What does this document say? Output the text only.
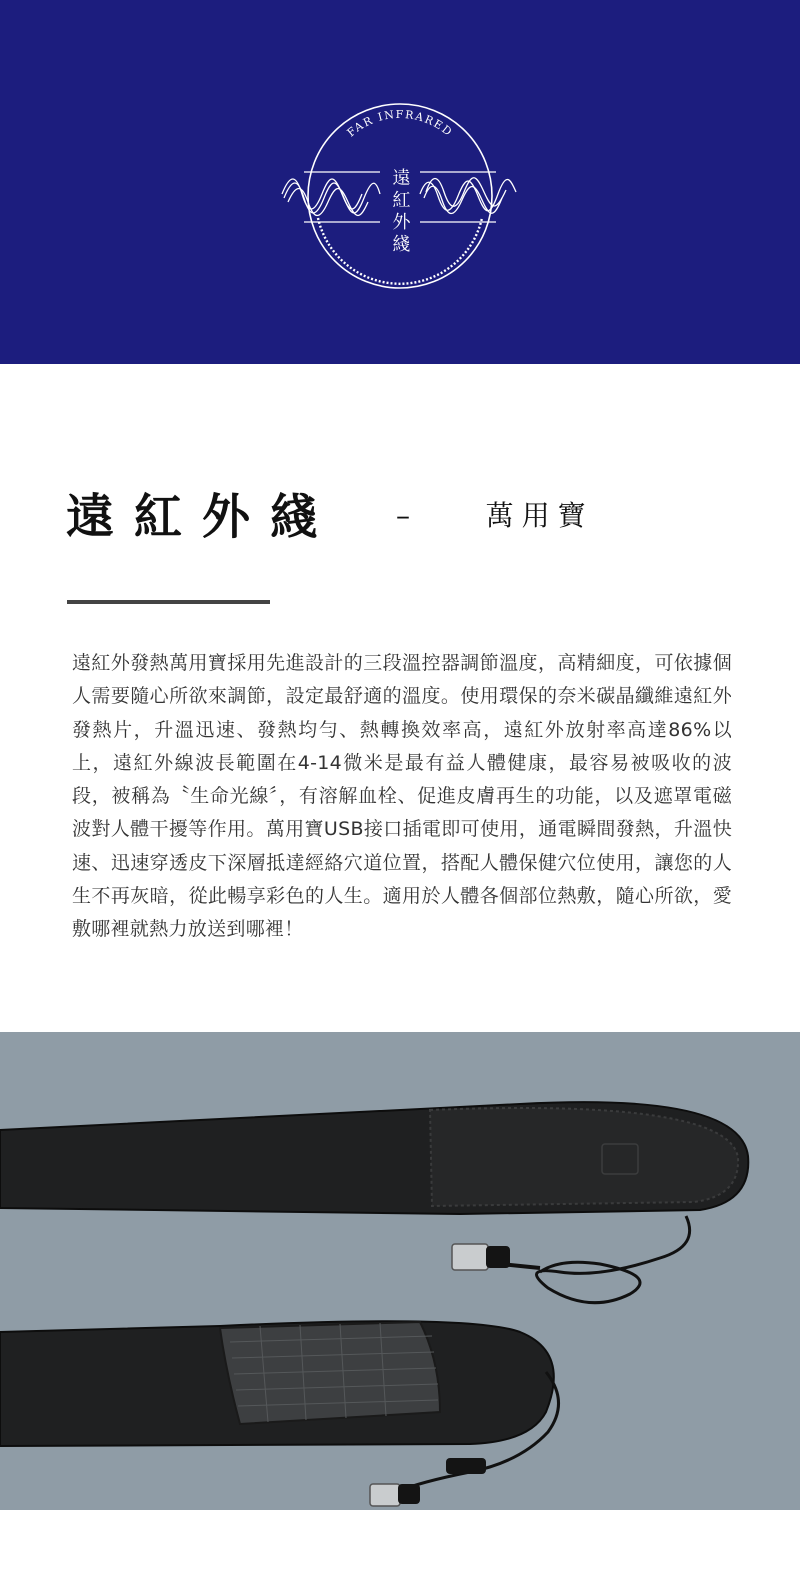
FAR INFRARED
遠紅外綫
遠紅外綫 – 萬用寶
遠紅外發熱萬用寶採用先進設計的三段溫控器調節溫度，高精細度，可依據個人需要隨心所欲來調節，設定最舒適的溫度。使用環保的奈米碳晶纖維遠紅外發熱片，升溫迅速、發熱均勻、熱轉換效率高，遠紅外放射率高達86%以上，遠紅外線波長範圍在4-14微米是最有益人體健康，最容易被吸收的波段，被稱為〝生命光線〞，有溶解血栓、促進皮膚再生的功能，以及遮罩電磁波對人體干擾等作用。萬用寶USB接口插電即可使用，通電瞬間發熱，升溫快速、迅速穿透皮下深層抵達經絡穴道位置，搭配人體保健穴位使用，讓您的人生不再灰暗，從此暢享彩色的人生。適用於人體各個部位熱敷，隨心所欲，愛敷哪裡就熱力放送到哪裡！
